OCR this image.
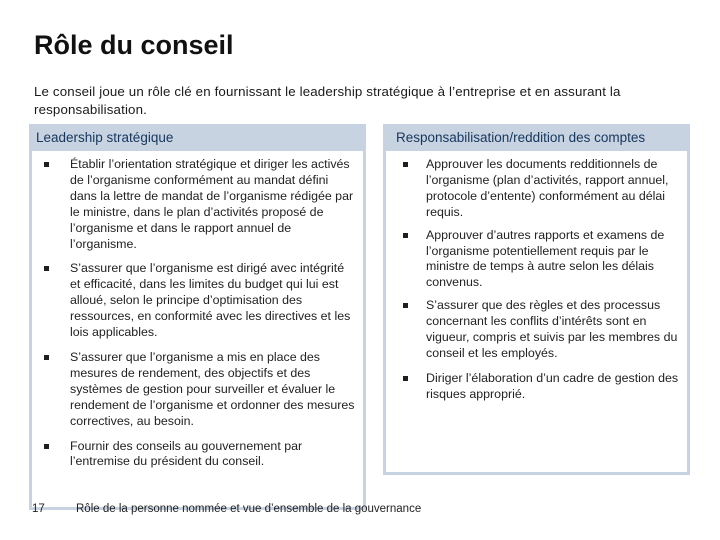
Rôle du conseil
Le conseil joue un rôle clé en fournissant le leadership stratégique à l’entreprise et en assurant la responsabilisation.
Leadership stratégique
Établir l’orientation stratégique et diriger les activés de l’organisme conformément au mandat défini dans la lettre de mandat de l’organisme rédigée par le ministre, dans le plan d’activités proposé de l’organisme et dans le rapport annuel de l’organisme.
S’assurer que l’organisme est dirigé avec intégrité et efficacité, dans les limites du budget qui lui est alloué, selon le principe d’optimisation des ressources, en conformité avec les directives et les lois applicables.
S’assurer que l’organisme a mis en place des mesures de rendement, des objectifs et des systèmes de gestion pour surveiller et évaluer le rendement de l’organisme et ordonner des mesures correctives, au besoin.
Fournir des conseils au gouvernement par l’entremise du président du conseil.
Responsabilisation/reddition des comptes
Approuver les documents redditionnels de l’organisme (plan d’activités, rapport annuel, protocole d’entente) conformément au délai requis.
Approuver d’autres rapports et examens de l’organisme potentiellement requis par le ministre de temps à autre selon les délais convenus.
S’assurer que des règles et des processus concernant les conflits d’intérêts sont en vigueur, compris et suivis par les membres du conseil et les employés.
Diriger l’élaboration d’un cadre de gestion des risques approprié.
17	Rôle de la personne nommée et vue d’ensemble de la gouvernance
